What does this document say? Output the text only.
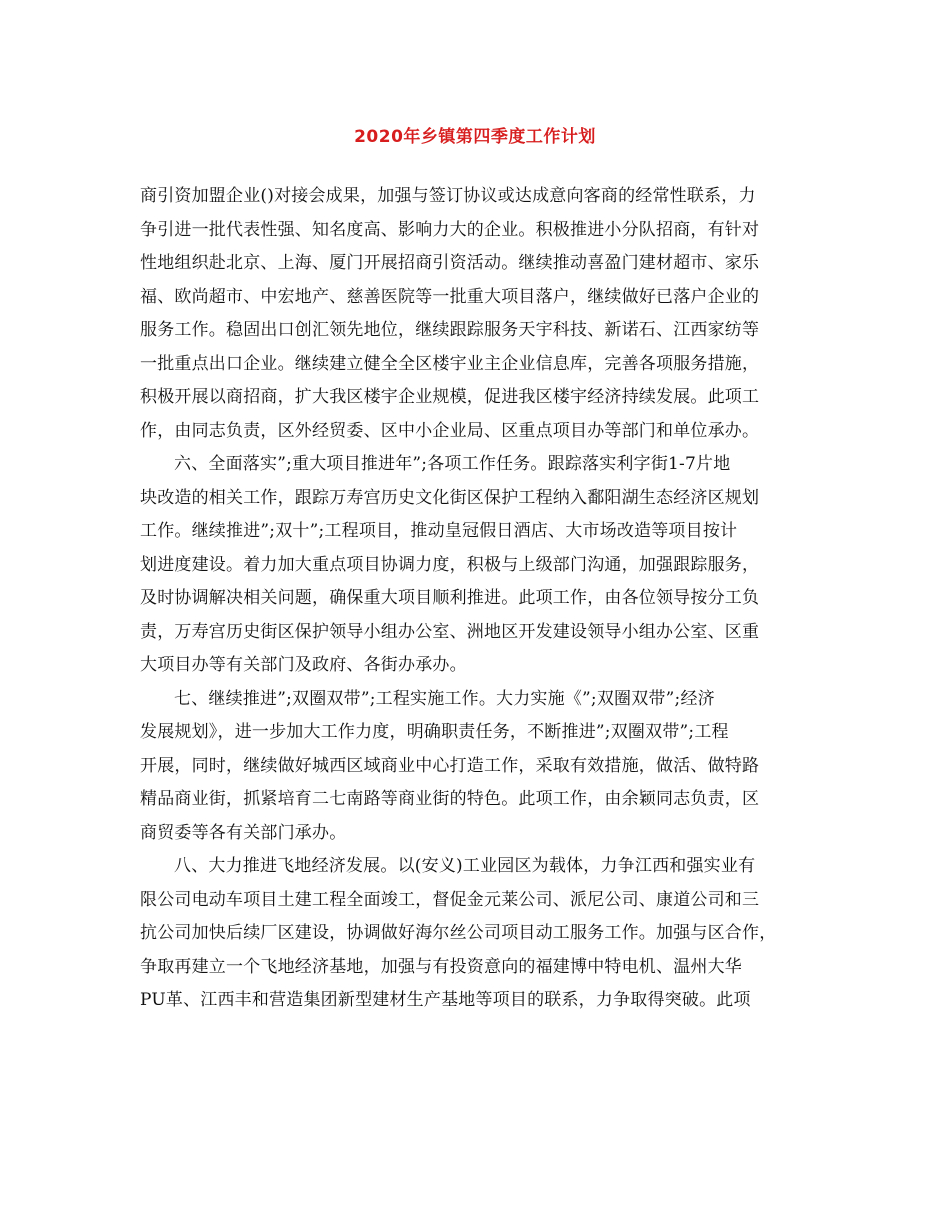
2020年乡镇第四季度工作计划
商引资加盟企业()对接会成果，加强与签订协议或达成意向客商的经常性联系，力
争引进一批代表性强、知名度高、影响力大的企业。积极推进小分队招商，有针对
性地组织赴北京、上海、厦门开展招商引资活动。继续推动喜盈门建材超市、家乐
福、欧尚超市、中宏地产、慈善医院等一批重大项目落户，继续做好已落户企业的
服务工作。稳固出口创汇领先地位，继续跟踪服务天宇科技、新诺石、江西家纺等
一批重点出口企业。继续建立健全全区楼宇业主企业信息库，完善各项服务措施，
积极开展以商招商，扩大我区楼宇企业规模，促进我区楼宇经济持续发展。此项工
作，由同志负责，区外经贸委、区中小企业局、区重点项目办等部门和单位承办。
六、全面落实”;重大项目推进年”;各项工作任务。跟踪落实利字街1-7片地
块改造的相关工作，跟踪万寿宫历史文化街区保护工程纳入鄱阳湖生态经济区规划
工作。继续推进”;双十”;工程项目，推动皇冠假日酒店、大市场改造等项目按计
划进度建设。着力加大重点项目协调力度，积极与上级部门沟通，加强跟踪服务，
及时协调解决相关问题，确保重大项目顺利推进。此项工作，由各位领导按分工负
责，万寿宫历史街区保护领导小组办公室、洲地区开发建设领导小组办公室、区重
大项目办等有关部门及政府、各街办承办。
七、继续推进”;双圈双带”;工程实施工作。大力实施《”;双圈双带”;经济
发展规划》，进一步加大工作力度，明确职责任务，不断推进”;双圈双带”;工程
开展，同时，继续做好城西区域商业中心打造工作，采取有效措施，做活、做特路
精品商业街，抓紧培育二七南路等商业街的特色。此项工作，由余颖同志负责，区
商贸委等各有关部门承办。
八、大力推进飞地经济发展。以(安义)工业园区为载体，力争江西和强实业有
限公司电动车项目土建工程全面竣工，督促金元莱公司、派尼公司、康道公司和三
抗公司加快后续厂区建设，协调做好海尔丝公司项目动工服务工作。加强与区合作，
争取再建立一个飞地经济基地，加强与有投资意向的福建博中特电机、温州大华
PU革、江西丰和营造集团新型建材生产基地等项目的联系，力争取得突破。此项
